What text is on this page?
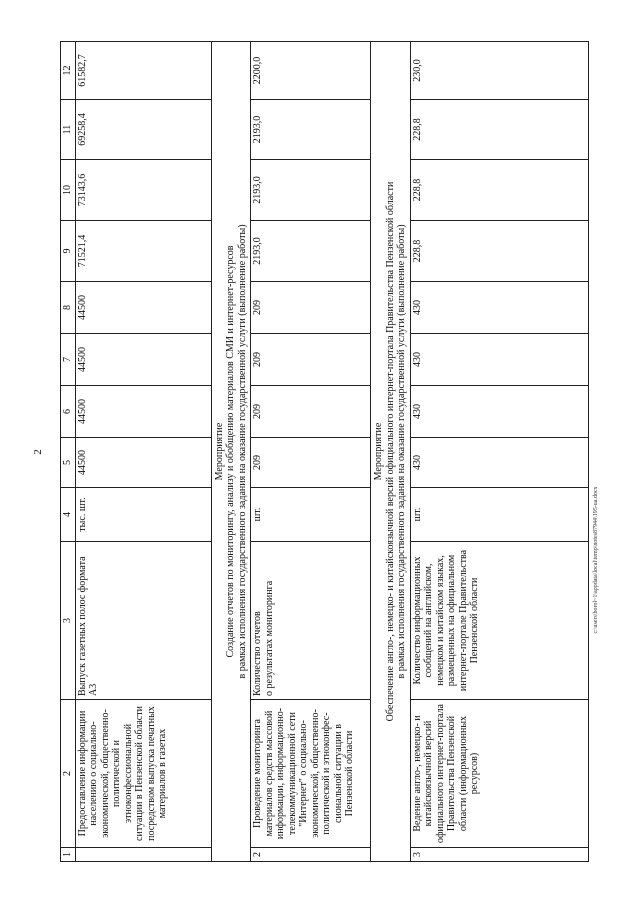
2
c:\users\borol~1\appdata\local\temp\notes87944\195-ua.docx
1	2	3	4	5	6	7	8	9	10	11	12
	Предоставление информации населению о социально-экономической, общественно-политической и этноконфессиональной ситуации в Пензенской области посредством выпуска печатных материалов в газетах	Выпуск газетных полос формата А3	тыс. шт.	44500	44500	44500	44500	71521,4	73143,6	69258,4	61582,7

Мероприятие Создание отчетов по мониторингу, анализу и обобщению материалов СМИ и интернет-ресурсов в рамках исполнения государственного задания на оказание государственной услуги (выполнение работы)											

2	Проведение мониторинга материалов средств массовой информации, информационно-телекоммуникационной сети "Интернет" о социально-экономической, общественно-политической и этноконфес-сиональной ситуации в Пензенской области	Количество отчетов о результатах мониторинга	шт.	209	209	209	209	2193,0	2193,0	2193,0	2200,0

Мероприятие Обеспечение англо-, немецко- и китайскоязычной версий официального интернет-портала Правительства Пензенской области в рамках исполнения государственного задания на оказание государственной услуги (выполнение работы)											

3	Ведение англо-, немецко- и китайскоязычной версий официального интернет-портала Правительства Пензенской области (информационных ресурсов)	Количество информационных сообщений на английском, немецком и китайском языках, размещенных на официальном интернет-портале Правительства Пензенской области	шт.	430	430	430	430	228,8	228,8	228,8	230,0
